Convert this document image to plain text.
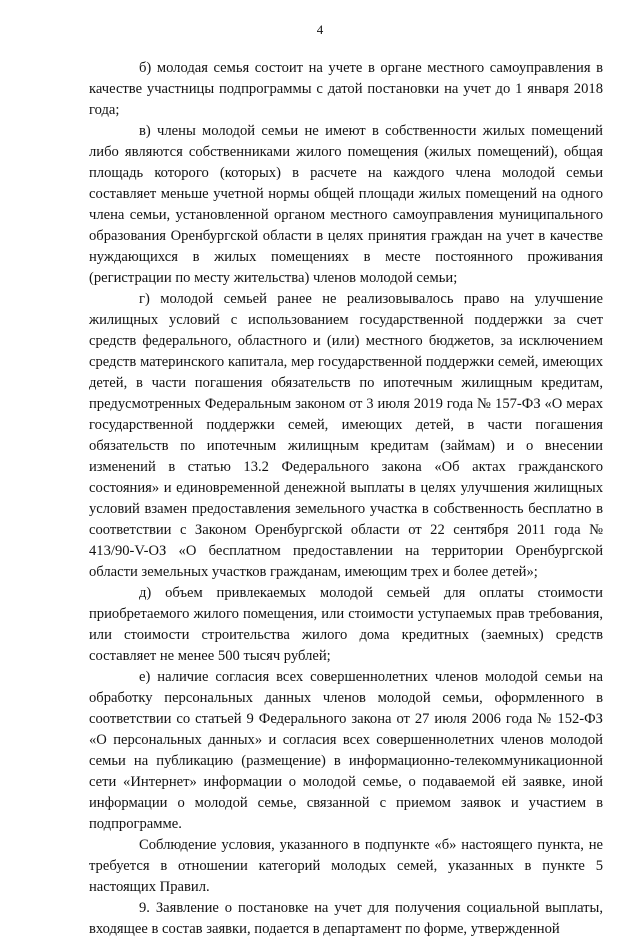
4

б) молодая семья состоит на учете в органе местного самоуправления в качестве участницы подпрограммы с датой постановки на учет до 1 января 2018 года;

в) члены молодой семьи не имеют в собственности жилых помещений либо являются собственниками жилого помещения (жилых помещений), общая площадь которого (которых) в расчете на каждого члена молодой семьи составляет меньше учетной нормы общей площади жилых помещений на одного члена семьи, установленной органом местного самоуправления муниципального образования Оренбургской области в целях принятия граждан на учет в качестве нуждающихся в жилых помещениях в месте постоянного проживания (регистрации по месту жительства) членов молодой семьи;

г) молодой семьей ранее не реализовывалось право на улучшение жилищных условий с использованием государственной поддержки за счет средств федерального, областного и (или) местного бюджетов, за исключением средств материнского капитала, мер государственной поддержки семей, имеющих детей, в части погашения обязательств по ипотечным жилищным кредитам, предусмотренных Федеральным законом от 3 июля 2019 года № 157-ФЗ «О мерах государственной поддержки семей, имеющих детей, в части погашения обязательств по ипотечным жилищным кредитам (займам) и о внесении изменений в статью 13.2 Федерального закона «Об актах гражданского состояния» и единовременной денежной выплаты в целях улучшения жилищных условий взамен предоставления земельного участка в собственность бесплатно в соответствии с Законом Оренбургской области от 22 сентября 2011 года № 413/90-V-ОЗ «О бесплатном предоставлении на территории Оренбургской области земельных участков гражданам, имеющим трех и более детей»;

д) объем привлекаемых молодой семьей для оплаты стоимости приобретаемого жилого помещения, или стоимости уступаемых прав требования, или стоимости строительства жилого дома кредитных (заемных) средств составляет не менее 500 тысяч рублей;

е) наличие согласия всех совершеннолетних членов молодой семьи на обработку персональных данных членов молодой семьи, оформленного в соответствии со статьей 9 Федерального закона от 27 июля 2006 года № 152-ФЗ «О персональных данных» и согласия всех совершеннолетних членов молодой семьи на публикацию (размещение) в информационно-телекоммуникационной сети «Интернет» информации о молодой семье, о подаваемой ей заявке, иной информации о молодой семье, связанной с приемом заявок и участием в подпрограмме.

Соблюдение условия, указанного в подпункте «б» настоящего пункта, не требуется в отношении категорий молодых семей, указанных в пункте 5 настоящих Правил.

9. Заявление о постановке на учет для получения социальной выплаты, входящее в состав заявки, подается в департамент по форме, утвержденной
